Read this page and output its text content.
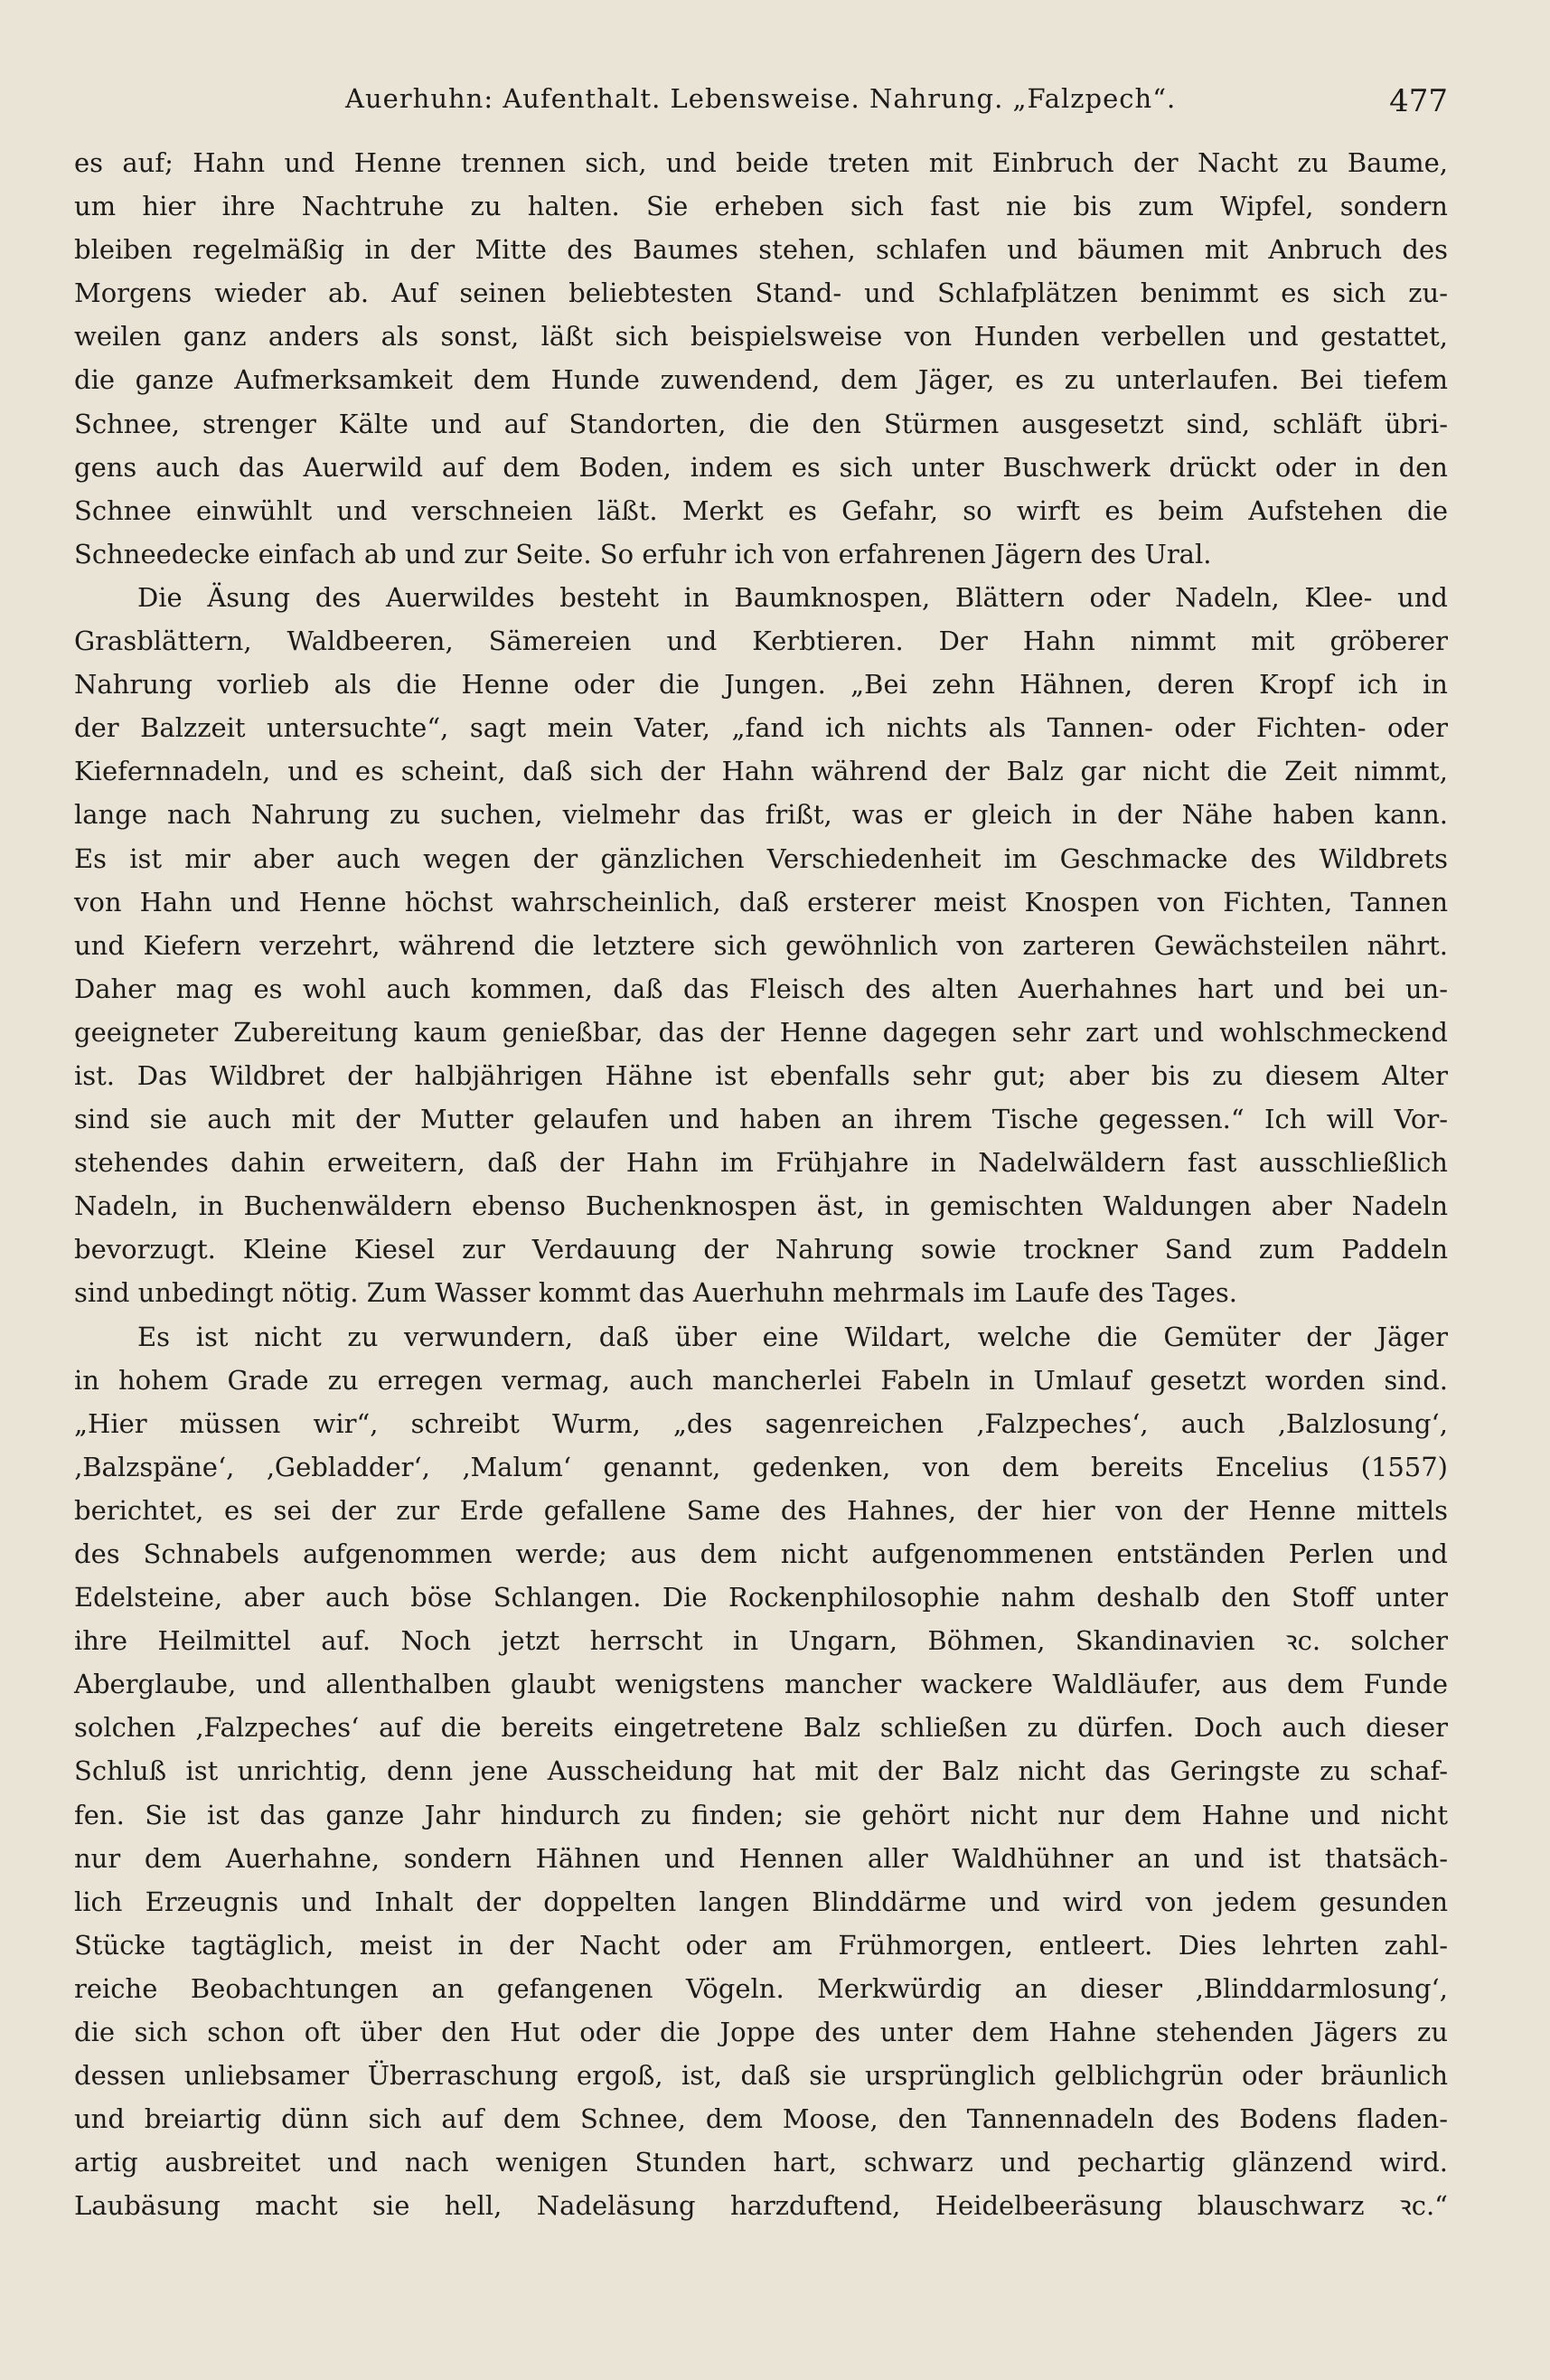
Auerhuhn: Aufenthalt. Lebensweise. Nahrung. „Falzpech“.	477
es auf; Hahn und Henne trennen sich, und beide treten mit Einbruch der Nacht zu Baume,
um hier ihre Nachtruhe zu halten. Sie erheben sich fast nie bis zum Wipfel, sondern
bleiben regelmäßig in der Mitte des Baumes stehen, schlafen und bäumen mit Anbruch des
Morgens wieder ab. Auf seinen beliebtesten Stand- und Schlafplätzen benimmt es sich zu-
weilen ganz anders als sonst, läßt sich beispielsweise von Hunden verbellen und gestattet,
die ganze Aufmerksamkeit dem Hunde zuwendend, dem Jäger, es zu unterlaufen. Bei tiefem
Schnee, strenger Kälte und auf Standorten, die den Stürmen ausgesetzt sind, schläft übri-
gens auch das Auerwild auf dem Boden, indem es sich unter Buschwerk drückt oder in den
Schnee einwühlt und verschneien läßt. Merkt es Gefahr, so wirft es beim Aufstehen die
Schneedecke einfach ab und zur Seite. So erfuhr ich von erfahrenen Jägern des Ural.
Die Äsung des Auerwildes besteht in Baumknospen, Blättern oder Nadeln, Klee- und
Grasblättern, Waldbeeren, Sämereien und Kerbtieren. Der Hahn nimmt mit gröberer
Nahrung vorlieb als die Henne oder die Jungen. „Bei zehn Hähnen, deren Kropf ich in
der Balzzeit untersuchte“, sagt mein Vater, „fand ich nichts als Tannen- oder Fichten- oder
Kiefernnadeln, und es scheint, daß sich der Hahn während der Balz gar nicht die Zeit nimmt,
lange nach Nahrung zu suchen, vielmehr das frißt, was er gleich in der Nähe haben kann.
Es ist mir aber auch wegen der gänzlichen Verschiedenheit im Geschmacke des Wildbrets
von Hahn und Henne höchst wahrscheinlich, daß ersterer meist Knospen von Fichten, Tannen
und Kiefern verzehrt, während die letztere sich gewöhnlich von zarteren Gewächsteilen nährt.
Daher mag es wohl auch kommen, daß das Fleisch des alten Auerhahnes hart und bei un-
geeigneter Zubereitung kaum genießbar, das der Henne dagegen sehr zart und wohlschmeckend
ist. Das Wildbret der halbjährigen Hähne ist ebenfalls sehr gut; aber bis zu diesem Alter
sind sie auch mit der Mutter gelaufen und haben an ihrem Tische gegessen.“ Ich will Vor-
stehendes dahin erweitern, daß der Hahn im Frühjahre in Nadelwäldern fast ausschließlich
Nadeln, in Buchenwäldern ebenso Buchenknospen äst, in gemischten Waldungen aber Nadeln
bevorzugt. Kleine Kiesel zur Verdauung der Nahrung sowie trockner Sand zum Paddeln
sind unbedingt nötig. Zum Wasser kommt das Auerhuhn mehrmals im Laufe des Tages.
Es ist nicht zu verwundern, daß über eine Wildart, welche die Gemüter der Jäger
in hohem Grade zu erregen vermag, auch mancherlei Fabeln in Umlauf gesetzt worden sind.
„Hier müssen wir“, schreibt Wurm, „des sagenreichen ‚Falzpeches‘, auch ‚Balzlosung‘,
‚Balzspäne‘, ‚Gebladder‘, ‚Malum‘ genannt, gedenken, von dem bereits Encelius (1557)
berichtet, es sei der zur Erde gefallene Same des Hahnes, der hier von der Henne mittels
des Schnabels aufgenommen werde; aus dem nicht aufgenommenen entständen Perlen und
Edelsteine, aber auch böse Schlangen. Die Rockenphilosophie nahm deshalb den Stoff unter
ihre Heilmittel auf. Noch jetzt herrscht in Ungarn, Böhmen, Skandinavien ꝛc. solcher
Aberglaube, und allenthalben glaubt wenigstens mancher wackere Waldläufer, aus dem Funde
solchen ‚Falzpeches‘ auf die bereits eingetretene Balz schließen zu dürfen. Doch auch dieser
Schluß ist unrichtig, denn jene Ausscheidung hat mit der Balz nicht das Geringste zu schaf-
fen. Sie ist das ganze Jahr hindurch zu finden; sie gehört nicht nur dem Hahne und nicht
nur dem Auerhahne, sondern Hähnen und Hennen aller Waldhühner an und ist thatsäch-
lich Erzeugnis und Inhalt der doppelten langen Blinddärme und wird von jedem gesunden
Stücke tagtäglich, meist in der Nacht oder am Frühmorgen, entleert. Dies lehrten zahl-
reiche Beobachtungen an gefangenen Vögeln. Merkwürdig an dieser ‚Blinddarmlosung‘,
die sich schon oft über den Hut oder die Joppe des unter dem Hahne stehenden Jägers zu
dessen unliebsamer Überraschung ergoß, ist, daß sie ursprünglich gelblichgrün oder bräunlich
und breiartig dünn sich auf dem Schnee, dem Moose, den Tannennadeln des Bodens fladen-
artig ausbreitet und nach wenigen Stunden hart, schwarz und pechartig glänzend wird.
Laubäsung macht sie hell, Nadeläsung harzduftend, Heidelbeeräsung blauschwarz ꝛc.“
